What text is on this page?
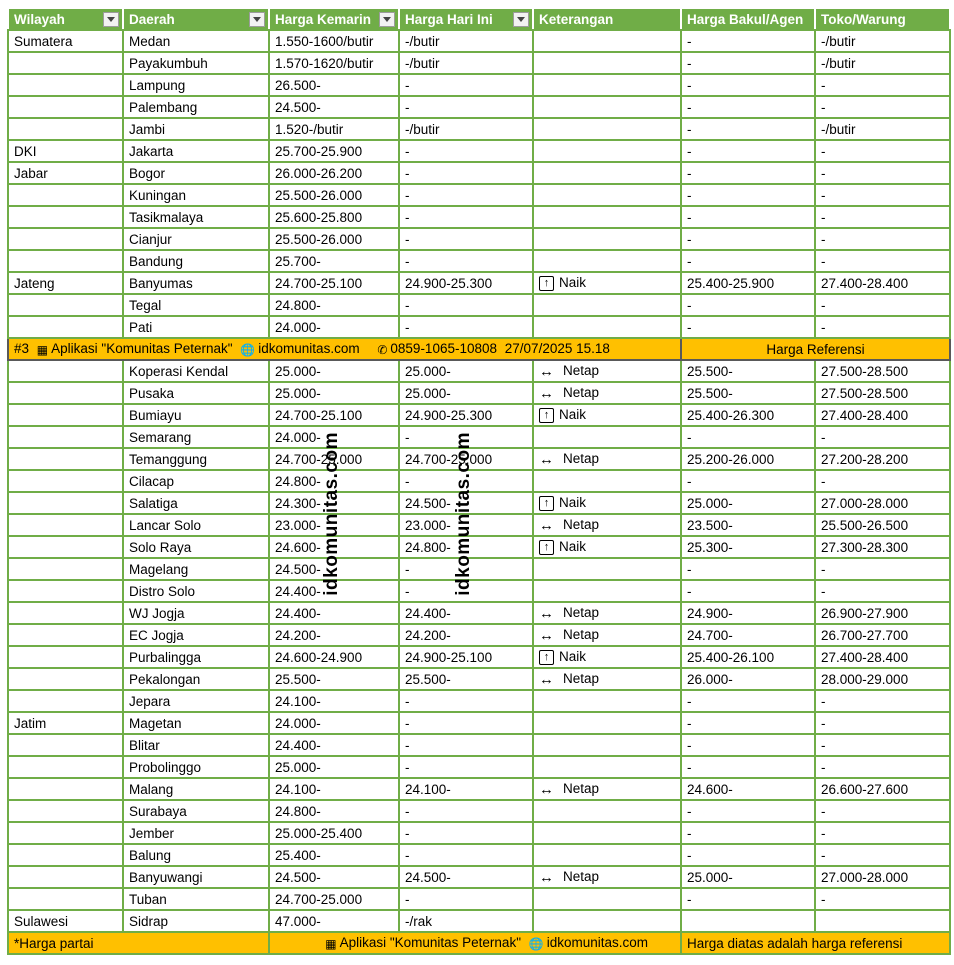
Wilayah	Daerah	Harga Kemarin	Harga Hari Ini	Keterangan	Harga Bakul/Agen	Toko/Warung
Sumatera	Medan	1.550-1600/butir	-/butir		-	-/butir
	Payakumbuh	1.570-1620/butir	-/butir		-	-/butir
	Lampung	26.500-	-		-	-
	Palembang	24.500-	-		-	-
	Jambi	1.520-/butir	-/butir		-	-/butir
DKI	Jakarta	25.700-25.900	-		-	-
Jabar	Bogor	26.000-26.200	-		-	-
	Kuningan	25.500-26.000	-		-	-
	Tasikmalaya	25.600-25.800	-		-	-
	Cianjur	25.500-26.000	-		-	-
	Bandung	25.700-	-		-	-
Jateng	Banyumas	24.700-25.100	24.900-25.300	↑ Naik	25.400-25.900	27.400-28.400
	Tegal	24.800-	-		-	-
	Pati	24.000-	-		-	-
#3 ▦ Aplikasi "Komunitas Peternak" 🌐 idkomunitas.com ✆ 0859-1065-10808 27/07/2025 15.18					Harga Referensi	
	Koperasi Kendal	25.000-	25.000-	↔ Netap	25.500-	27.500-28.500
	Pusaka	25.000-	25.000-	↔ Netap	25.500-	27.500-28.500
	Bumiayu	24.700-25.100	24.900-25.300	↑ Naik	25.400-26.300	27.400-28.400
	Semarang	24.000-	-		-	-
	Temanggung	24.700-25.000	24.700-25.000	↔ Netap	25.200-26.000	27.200-28.200
	Cilacap	24.800-	-		-	-
	Salatiga	24.300-	24.500-	↑ Naik	25.000-	27.000-28.000
	Lancar Solo	23.000-	23.000-	↔ Netap	23.500-	25.500-26.500
	Solo Raya	24.600-	24.800-	↑ Naik	25.300-	27.300-28.300
	Magelang	24.500-	-		-	-
	Distro Solo	24.400-	-		-	-
	WJ Jogja	24.400-	24.400-	↔ Netap	24.900-	26.900-27.900
	EC Jogja	24.200-	24.200-	↔ Netap	24.700-	26.700-27.700
	Purbalingga	24.600-24.900	24.900-25.100	↑ Naik	25.400-26.100	27.400-28.400
	Pekalongan	25.500-	25.500-	↔ Netap	26.000-	28.000-29.000
	Jepara	24.100-	-		-	-
Jatim	Magetan	24.000-	-		-	-
	Blitar	24.400-	-		-	-
	Probolinggo	25.000-	-		-	-
	Malang	24.100-	24.100-	↔ Netap	24.600-	26.600-27.600
	Surabaya	24.800-	-		-	-
	Jember	25.000-25.400	-		-	-
	Balung	25.400-	-		-	-
	Banyuwangi	24.500-	24.500-	↔ Netap	25.000-	27.000-28.000
	Tuban	24.700-25.000	-		-	-
Sulawesi	Sidrap	47.000-	-/rak			
*Harga partai		▦ Aplikasi "Komunitas Peternak" 🌐 idkomunitas.com			Harga diatas adalah harga referensi	
idkomunitas.com	idkomunitas.com
